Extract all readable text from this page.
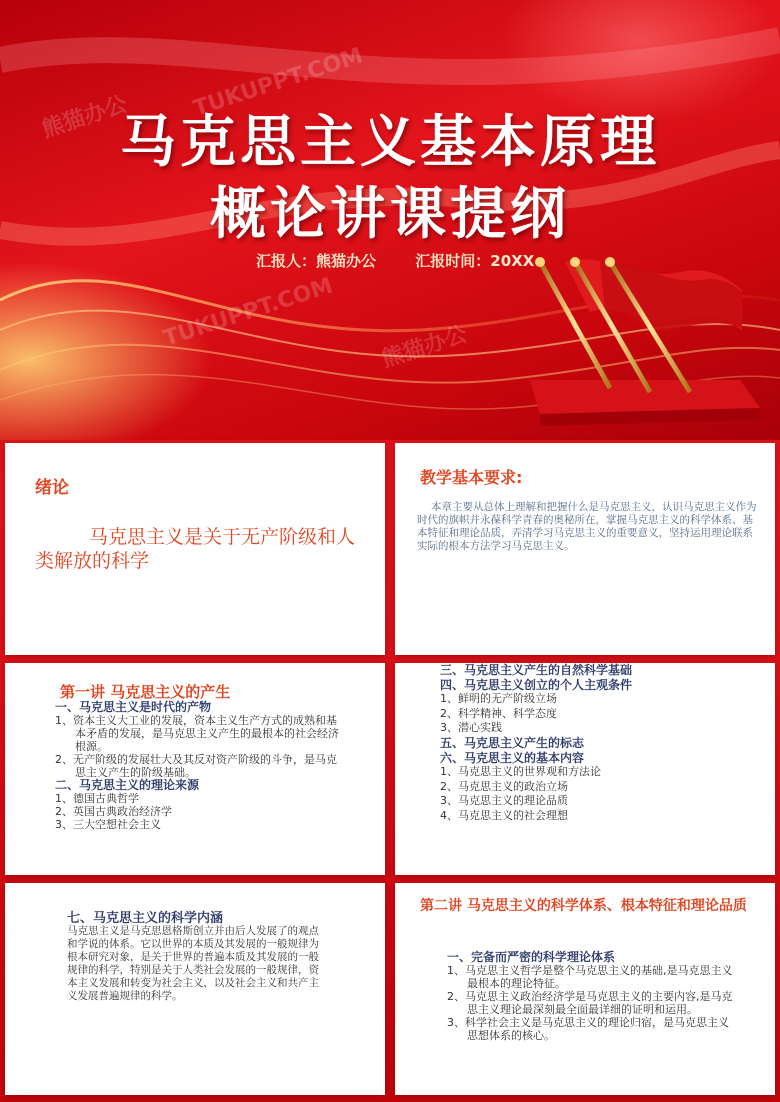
熊猫办公	TUKUPPT.COM
熊猫办公
TUKUPPT.COM
马克思主义基本原理
概论讲课提纲
汇报人：熊猫办公	汇报时间：20XX
绪论
马克思主义是关于无产阶级和人类解放的科学
教学基本要求:
本章主要从总体上理解和把握什么是马克思主义，认识马克思主义作为时代的旗帜并永葆科学青春的奥秘所在，掌握马克思主义的科学体系、基本特征和理论品质，弄清学习马克思主义的重要意义，坚持运用理论联系实际的根本方法学习马克思主义。
第一讲 马克思主义的产生
一、马克思主义是时代的产物
1、资本主义大工业的发展，资本主义生产方式的成熟和基本矛盾的发展，是马克思主义产生的最根本的社会经济根源。
2、无产阶级的发展壮大及其反对资产阶级的斗争，是马克思主义产生的阶级基础。
二、马克思主义的理论来源
1、德国古典哲学
2、英国古典政治经济学
3、三大空想社会主义
三、马克思主义产生的自然科学基础
四、马克思主义创立的个人主观条件
1、鲜明的无产阶级立场
2、科学精神、科学态度
3、潜心实践
五、马克思主义产生的标志
六、马克思主义的基本内容
1、马克思主义的世界观和方法论
2、马克思主义的政治立场
3、马克思主义的理论品质
4、马克思主义的社会理想
七、马克思主义的科学内涵
马克思主义是马克思恩格斯创立并由后人发展了的观点和学说的体系。它以世界的本质及其发展的一般规律为根本研究对象，是关于世界的普遍本质及其发展的一般规律的科学，特别是关于人类社会发展的一般规律，资本主义发展和转变为社会主义，以及社会主义和共产主义发展普遍规律的科学。
第二讲 马克思主义的科学体系、根本特征和理论品质
一、完备而严密的科学理论体系
1、马克思主义哲学是整个马克思主义的基础,是马克思主义最根本的理论特征。
2、马克思主义政治经济学是马克思主义的主要内容,是马克思主义理论最深刻最全面最详细的证明和运用。
3、科学社会主义是马克思主义的理论归宿，是马克思主义思想体系的核心。
